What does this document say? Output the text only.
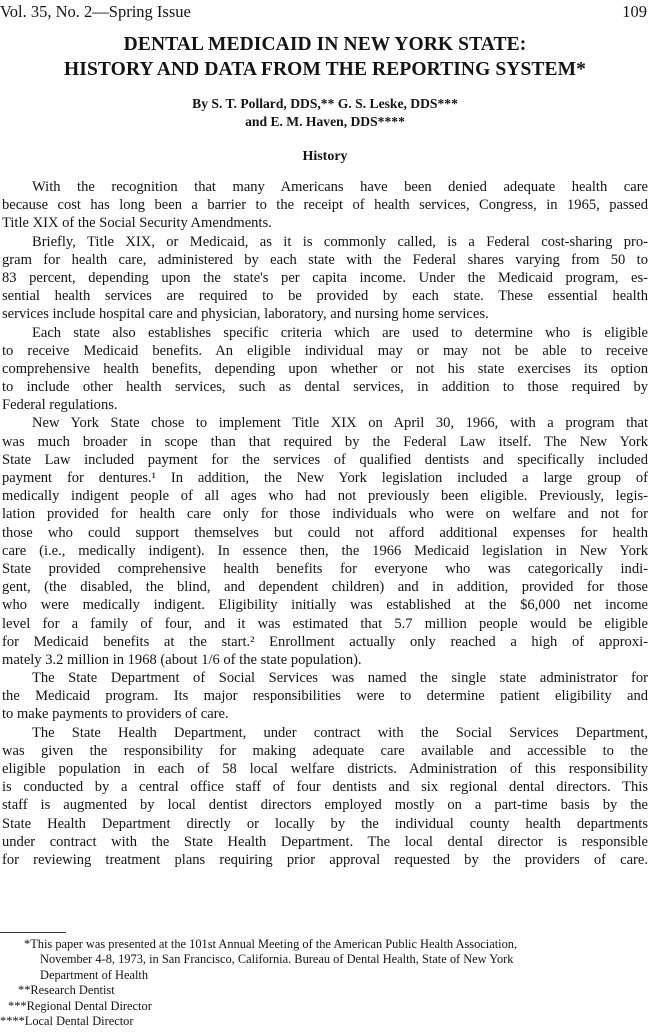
Vol. 35, No. 2—Spring Issue	109
DENTAL MEDICAID IN NEW YORK STATE:
HISTORY AND DATA FROM THE REPORTING SYSTEM*
By S. T. Pollard, DDS,** G. S. Leske, DDS***
and E. M. Haven, DDS****
History
With the recognition that many Americans have been denied adequate health care
because cost has long been a barrier to the receipt of health services, Congress, in 1965, passed
Title XIX of the Social Security Amendments.
Briefly, Title XIX, or Medicaid, as it is commonly called, is a Federal cost-sharing pro-
gram for health care, administered by each state with the Federal shares varying from 50 to
83 percent, depending upon the state's per capita income. Under the Medicaid program, es-
sential health services are required to be provided by each state. These essential health
services include hospital care and physician, laboratory, and nursing home services.
Each state also establishes specific criteria which are used to determine who is eligible
to receive Medicaid benefits. An eligible individual may or may not be able to receive
comprehensive health benefits, depending upon whether or not his state exercises its option
to include other health services, such as dental services, in addition to those required by
Federal regulations.
New York State chose to implement Title XIX on April 30, 1966, with a program that
was much broader in scope than that required by the Federal Law itself. The New York
State Law included payment for the services of qualified dentists and specifically included
payment for dentures.¹ In addition, the New York legislation included a large group of
medically indigent people of all ages who had not previously been eligible. Previously, legis-
lation provided for health care only for those individuals who were on welfare and not for
those who could support themselves but could not afford additional expenses for health
care (i.e., medically indigent). In essence then, the 1966 Medicaid legislation in New York
State provided comprehensive health benefits for everyone who was categorically indi-
gent, (the disabled, the blind, and dependent children) and in addition, provided for those
who were medically indigent. Eligibility initially was established at the $6,000 net income
level for a family of four, and it was estimated that 5.7 million people would be eligible
for Medicaid benefits at the start.² Enrollment actually only reached a high of approxi-
mately 3.2 million in 1968 (about 1/6 of the state population).
The State Department of Social Services was named the single state administrator for
the Medicaid program. Its major responsibilities were to determine patient eligibility and
to make payments to providers of care.
The State Health Department, under contract with the Social Services Department,
was given the responsibility for making adequate care available and accessible to the
eligible population in each of 58 local welfare districts. Administration of this responsibility
is conducted by a central office staff of four dentists and six regional dental directors. This
staff is augmented by local dentist directors employed mostly on a part-time basis by the
State Health Department directly or locally by the individual county health departments
under contract with the State Health Department. The local dental director is responsible
for reviewing treatment plans requiring prior approval requested by the providers of care.
*This paper was presented at the 101st Annual Meeting of the American Public Health Association,
November 4-8, 1973, in San Francisco, California. Bureau of Dental Health, State of New York
Department of Health
**Research Dentist
***Regional Dental Director
****Local Dental Director
